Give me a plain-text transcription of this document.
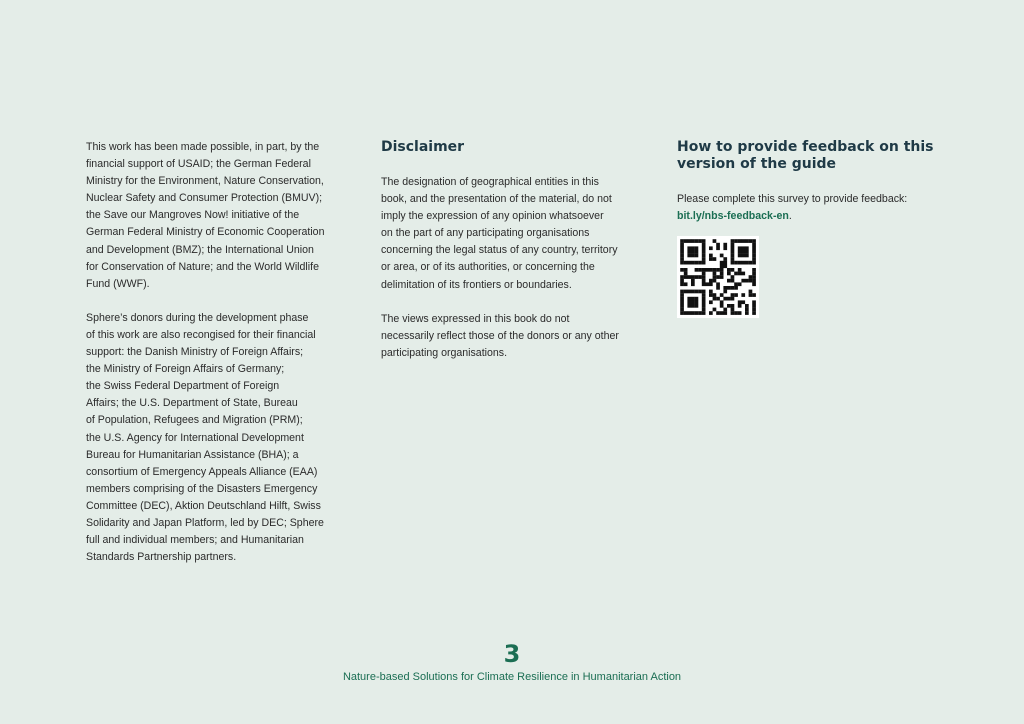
This work has been made possible, in part, by the
financial support of USAID; the German Federal
Ministry for the Environment, Nature Conservation,
Nuclear Safety and Consumer Protection (BMUV);
the Save our Mangroves Now! initiative of the
German Federal Ministry of Economic Cooperation
and Development (BMZ); the International Union
for Conservation of Nature; and the World Wildlife
Fund (WWF).

Sphere’s donors during the development phase
of this work are also recongised for their financial
support: the Danish Ministry of Foreign Affairs;
the Ministry of Foreign Affairs of Germany;
the Swiss Federal Department of Foreign
Affairs; the U.S. Department of State, Bureau
of Population, Refugees and Migration (PRM);
the U.S. Agency for International Development
Bureau for Humanitarian Assistance (BHA); a
consortium of Emergency Appeals Alliance (EAA)
members comprising of the Disasters Emergency
Committee (DEC), Aktion Deutschland Hilft, Swiss
Solidarity and Japan Platform, led by DEC; Sphere
full and individual members; and Humanitarian
Standards Partnership partners.

Disclaimer

The designation of geographical entities in this
book, and the presentation of the material, do not
imply the expression of any opinion whatsoever
on the part of any participating organisations
concerning the legal status of any country, territory
or area, or of its authorities, or concerning the
delimitation of its frontiers or boundaries.

The views expressed in this book do not
necessarily reflect those of the donors or any other
participating organisations.

How to provide feedback on this
version of the guide

Please complete this survey to provide feedback:
bit.ly/nbs-feedback-en.

3
Nature-based Solutions for Climate Resilience in Humanitarian Action
